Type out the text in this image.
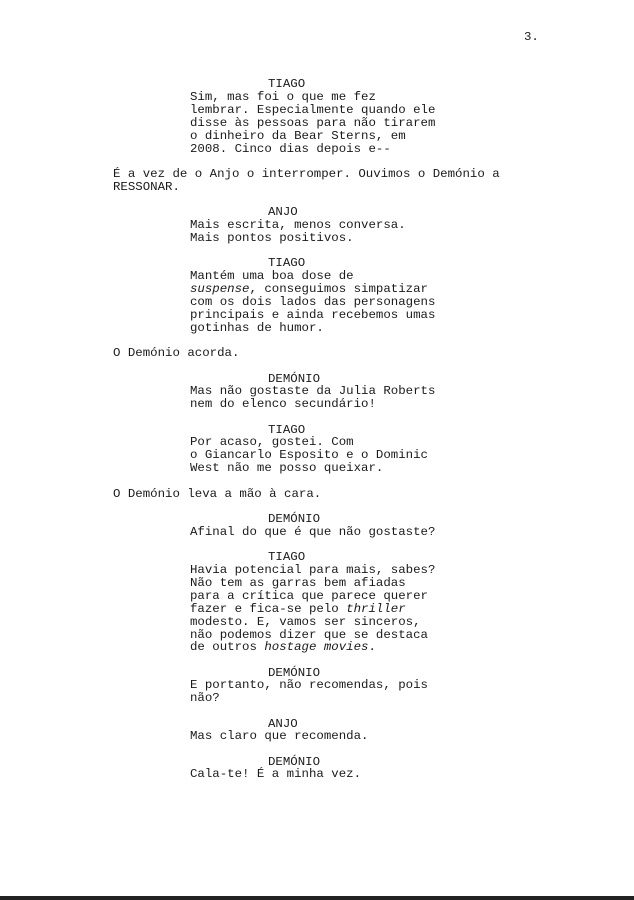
3.
TIAGO
Sim, mas foi o que me fez
lembrar. Especialmente quando ele
disse às pessoas para não tirarem
o dinheiro da Bear Sterns, em
2008. Cinco dias depois e--
É a vez de o Anjo o interromper. Ouvimos o Demónio a
RESSONAR.
ANJO
Mais escrita, menos conversa.
Mais pontos positivos.
TIAGO
Mantém uma boa dose de
suspense, conseguimos simpatizar
com os dois lados das personagens
principais e ainda recebemos umas
gotinhas de humor.
O Demónio acorda.
DEMÓNIO
Mas não gostaste da Julia Roberts
nem do elenco secundário!
TIAGO
Por acaso, gostei. Com
o Giancarlo Esposito e o Dominic
West não me posso queixar.
O Demónio leva a mão à cara.
DEMÓNIO
Afinal do que é que não gostaste?
TIAGO
Havia potencial para mais, sabes?
Não tem as garras bem afiadas
para a crítica que parece querer
fazer e fica-se pelo thriller
modesto. E, vamos ser sinceros,
não podemos dizer que se destaca
de outros hostage movies.
DEMÓNIO
E portanto, não recomendas, pois
não?
ANJO
Mas claro que recomenda.
DEMÓNIO
Cala-te! É a minha vez.
